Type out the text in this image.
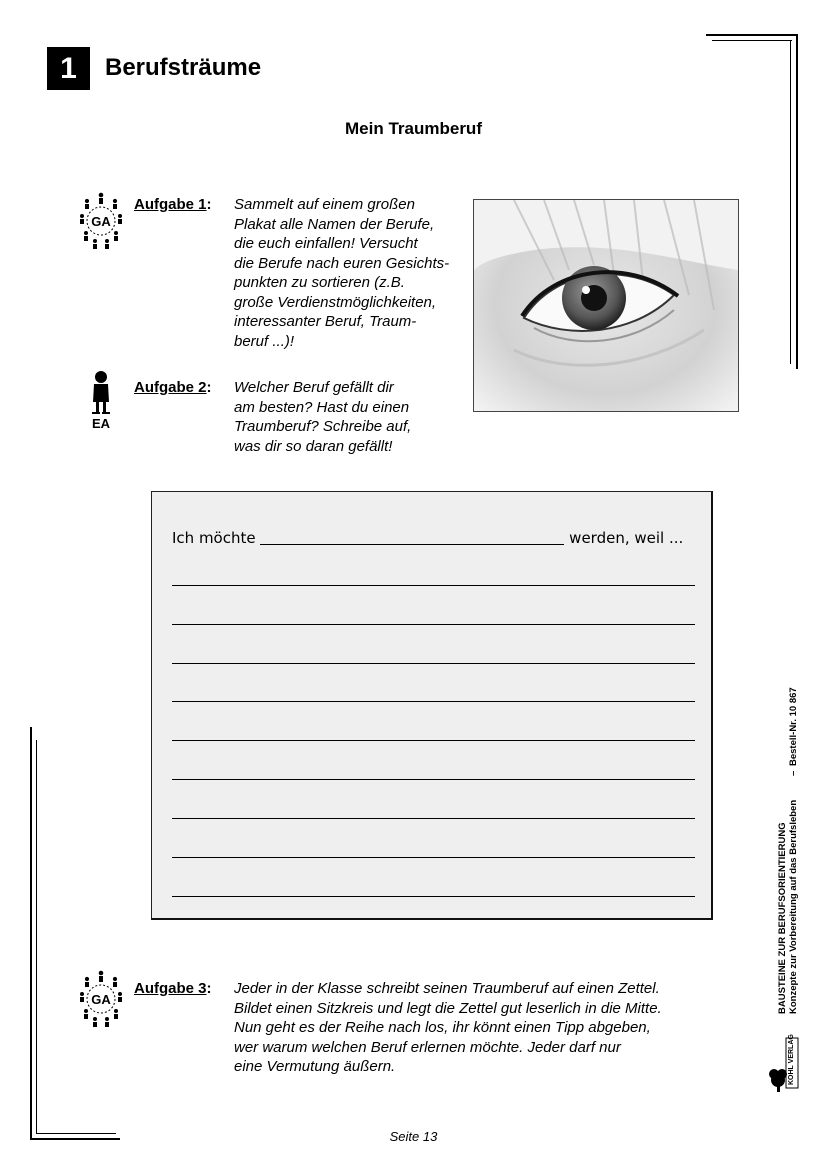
1	Berufsträume
Mein Traumberuf
GA
Aufgabe 1: Sammelt auf einem großen
Plakat alle Namen der Berufe,
die euch einfallen! Versucht
die Berufe nach euren Gesichts-
punkten zu sortieren (z.B.
große Verdienstmöglichkeiten,
interessanter Beruf, Traum-
beruf ...)!
EA
Aufgabe 2: Welcher Beruf gefällt dir
am besten? Hast du einen
Traumberuf? Schreibe auf,
was dir so daran gefällt!
Ich möchte	werden, weil ...
GA
Aufgabe 3: Jeder in der Klasse schreibt seinen Traumberuf auf einen Zettel.
Bildet einen Sitzkreis und legt die Zettel gut leserlich in die Mitte.
Nun geht es der Reihe nach los, ihr könnt einen Tipp abgeben,
wer warum welchen Beruf erlernen möchte. Jeder darf nur
eine Vermutung äußern.
BAUSTEINE ZUR BERUFSORIENTIERUNG Konzepte zur Vorbereitung auf das Berufsleben
–
Bestell-Nr. 10 867
KOHL VERLAG
Seite 13
